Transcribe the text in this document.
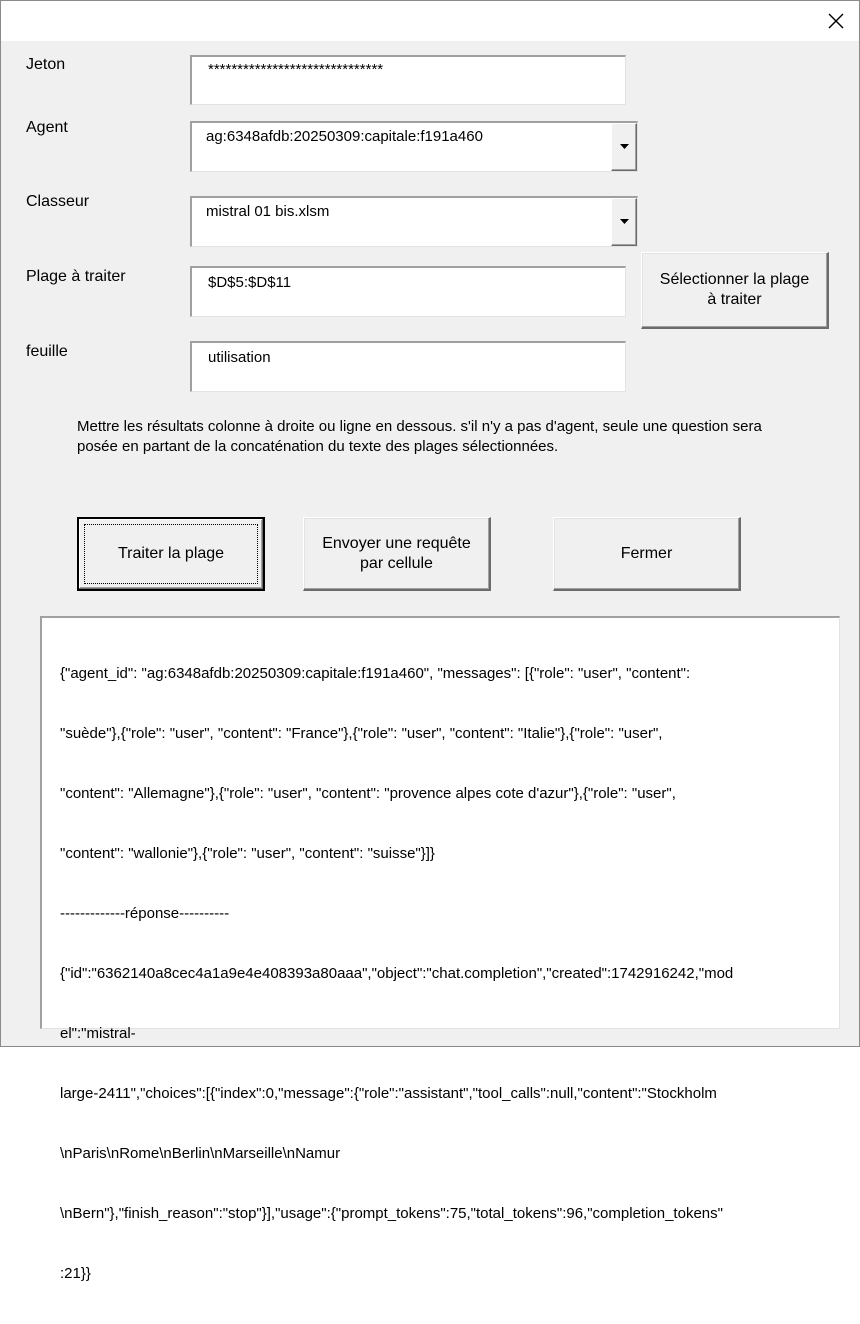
Jeton	******************************
Agent
ag:6348afdb:20250309:capitale:f191a460
Classeur
mistral 01 bis.xlsm
Plage à traiter	$D$5:$D$11	Sélectionner la plage
à traiter
feuille	utilisation
Mettre les résultats colonne à droite ou ligne en dessous. s'il n'y a pas d'agent, seule une question sera posée en partant de la concaténation du texte des plages sélectionnées.
Traiter la plage
Envoyer une requête
par cellule
Fermer

{"agent_id": "ag:6348afdb:20250309:capitale:f191a460", "messages": [{"role": "user", "content":

"suède"},{"role": "user", "content": "France"},{"role": "user", "content": "Italie"},{"role": "user",

"content": "Allemagne"},{"role": "user", "content": "provence alpes cote d'azur"},{"role": "user",

"content": "wallonie"},{"role": "user", "content": "suisse"}]}

-------------réponse----------

{"id":"6362140a8cec4a1a9e4e408393a80aaa","object":"chat.completion","created":1742916242,"mod

el":"mistral-

large-2411","choices":[{"index":0,"message":{"role":"assistant","tool_calls":null,"content":"Stockholm

\nParis\nRome\nBerlin\nMarseille\nNamur

\nBern"},"finish_reason":"stop"}],"usage":{"prompt_tokens":75,"total_tokens":96,"completion_tokens"

:21}}
